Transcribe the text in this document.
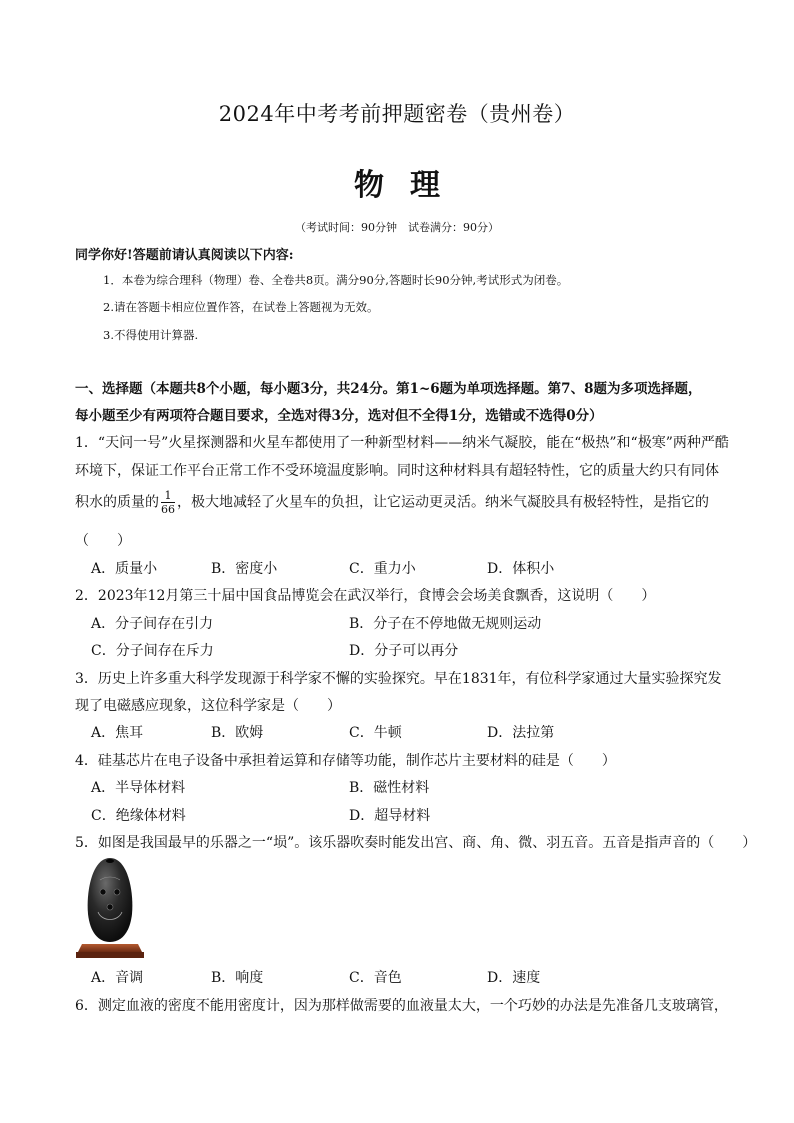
2024年中考考前押题密卷（贵州卷）
物理
（考试时间：90分钟　试卷满分：90分）
同学你好!答题前请认真阅读以下内容:
1．本卷为综合理科（物理）卷、全卷共8页。满分90分,答题时长90分钟,考试形式为闭卷。
2.请在答题卡相应位置作答，在试卷上答题视为无效。
3.不得使用计算器.
一、选择题（本题共8个小题，每小题3分，共24分。第1~6题为单项选择题。第7、8题为多项选择题，
每小题至少有两项符合题目要求，全选对得3分，选对但不全得1分，选错或不选得0分）
1．“天问一号”火星探测器和火星车都使用了一种新型材料——纳米气凝胶，能在“极热”和“极寒”两种严酷
环境下，保证工作平台正常工作不受环境温度影响。同时这种材料具有超轻特性，它的质量大约只有同体
积水的质量的 $\frac{1}{66}$ ，极大地减轻了火星车的负担，让它运动更灵活。纳米气凝胶具有极轻特性，是指它的
（　　）
A．质量小	B．密度小	C．重力小	D．体积小
2．2023年12月第三十届中国食品博览会在武汉举行，食博会会场美食飘香，这说明（　　）
A．分子间存在引力	B．分子在不停地做无规则运动
C．分子间存在斥力	D．分子可以再分
3．历史上许多重大科学发现源于科学家不懈的实验探究。早在1831年，有位科学家通过大量实验探究发
现了电磁感应现象，这位科学家是（　　）
A．焦耳	B．欧姆	C．牛顿	D．法拉第
4．硅基芯片在电子设备中承担着运算和存储等功能，制作芯片主要材料的硅是（　　）
A．半导体材料	B．磁性材料
C．绝缘体材料	D．超导材料
5．如图是我国最早的乐器之一“埙”。该乐器吹奏时能发出宫、商、角、微、羽五音。五音是指声音的（　　）
A．音调	B．响度	C．音色	D．速度
6．测定血液的密度不能用密度计，因为那样做需要的血液量太大，一个巧妙的办法是先准备几支玻璃管，
